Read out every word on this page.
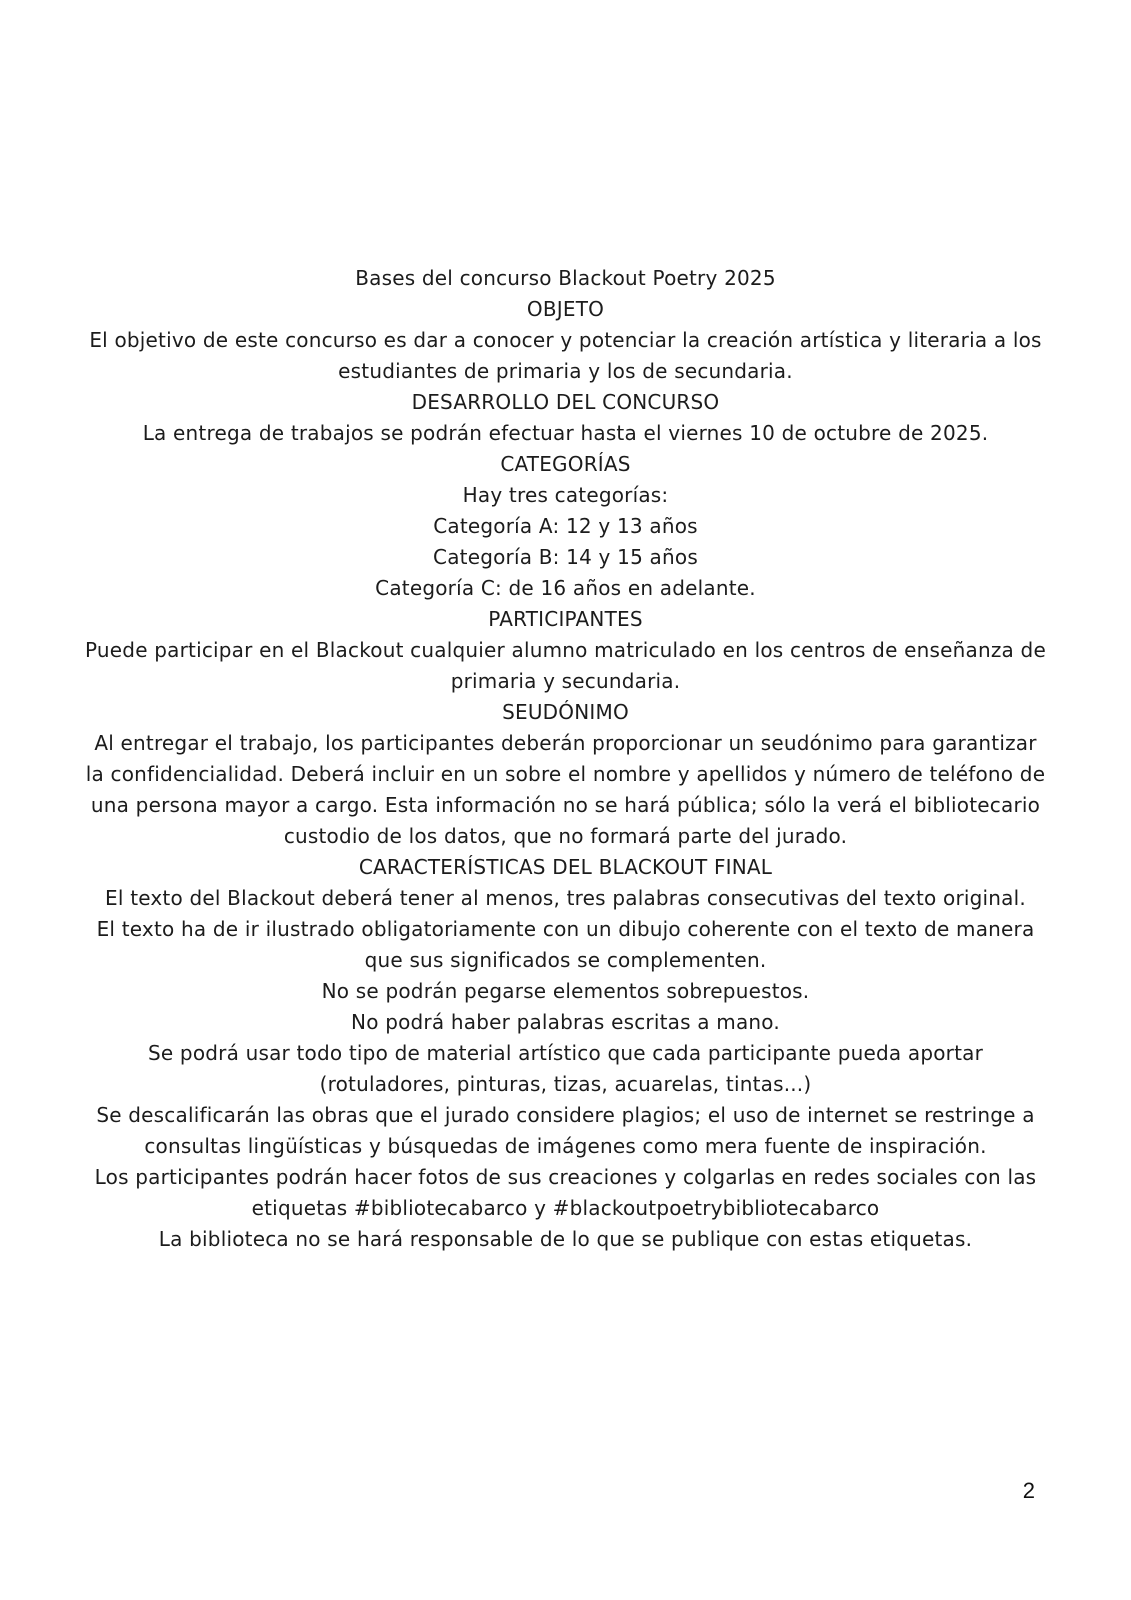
Bases del concurso Blackout Poetry 2025
OBJETO
El objetivo de este concurso es dar a conocer y potenciar la creación artística y literaria a los estudiantes de primaria y los de secundaria.
DESARROLLO DEL CONCURSO
La entrega de trabajos se podrán efectuar hasta el viernes 10 de octubre de 2025.
CATEGORÍAS
Hay tres categorías:
Categoría A: 12 y 13 años
Categoría B: 14 y 15 años
Categoría C: de 16 años en adelante.
PARTICIPANTES
Puede participar en el Blackout cualquier alumno matriculado en los centros de enseñanza de primaria y secundaria.
SEUDÓNIMO
Al entregar el trabajo, los participantes deberán proporcionar un seudónimo para garantizar la confidencialidad. Deberá incluir en un sobre el nombre y apellidos y número de teléfono de una persona mayor a cargo. Esta información no se hará pública; sólo la verá el bibliotecario custodio de los datos, que no formará parte del jurado.
CARACTERÍSTICAS DEL BLACKOUT FINAL
El texto del Blackout deberá tener al menos, tres palabras consecutivas del texto original.
El texto ha de ir ilustrado obligatoriamente con un dibujo coherente con el texto de manera que sus significados se complementen.
No se podrán pegarse elementos sobrepuestos.
No podrá haber palabras escritas a mano.
Se podrá usar todo tipo de material artístico que cada participante pueda aportar (rotuladores, pinturas, tizas, acuarelas, tintas...)
Se descalificarán las obras que el jurado considere plagios; el uso de internet se restringe a consultas lingüísticas y búsquedas de imágenes como mera fuente de inspiración.
Los participantes podrán hacer fotos de sus creaciones y colgarlas en redes sociales con las etiquetas #bibliotecabarco y #blackoutpoetrybibliotecabarco
La biblioteca no se hará responsable de lo que se publique con estas etiquetas.
2
